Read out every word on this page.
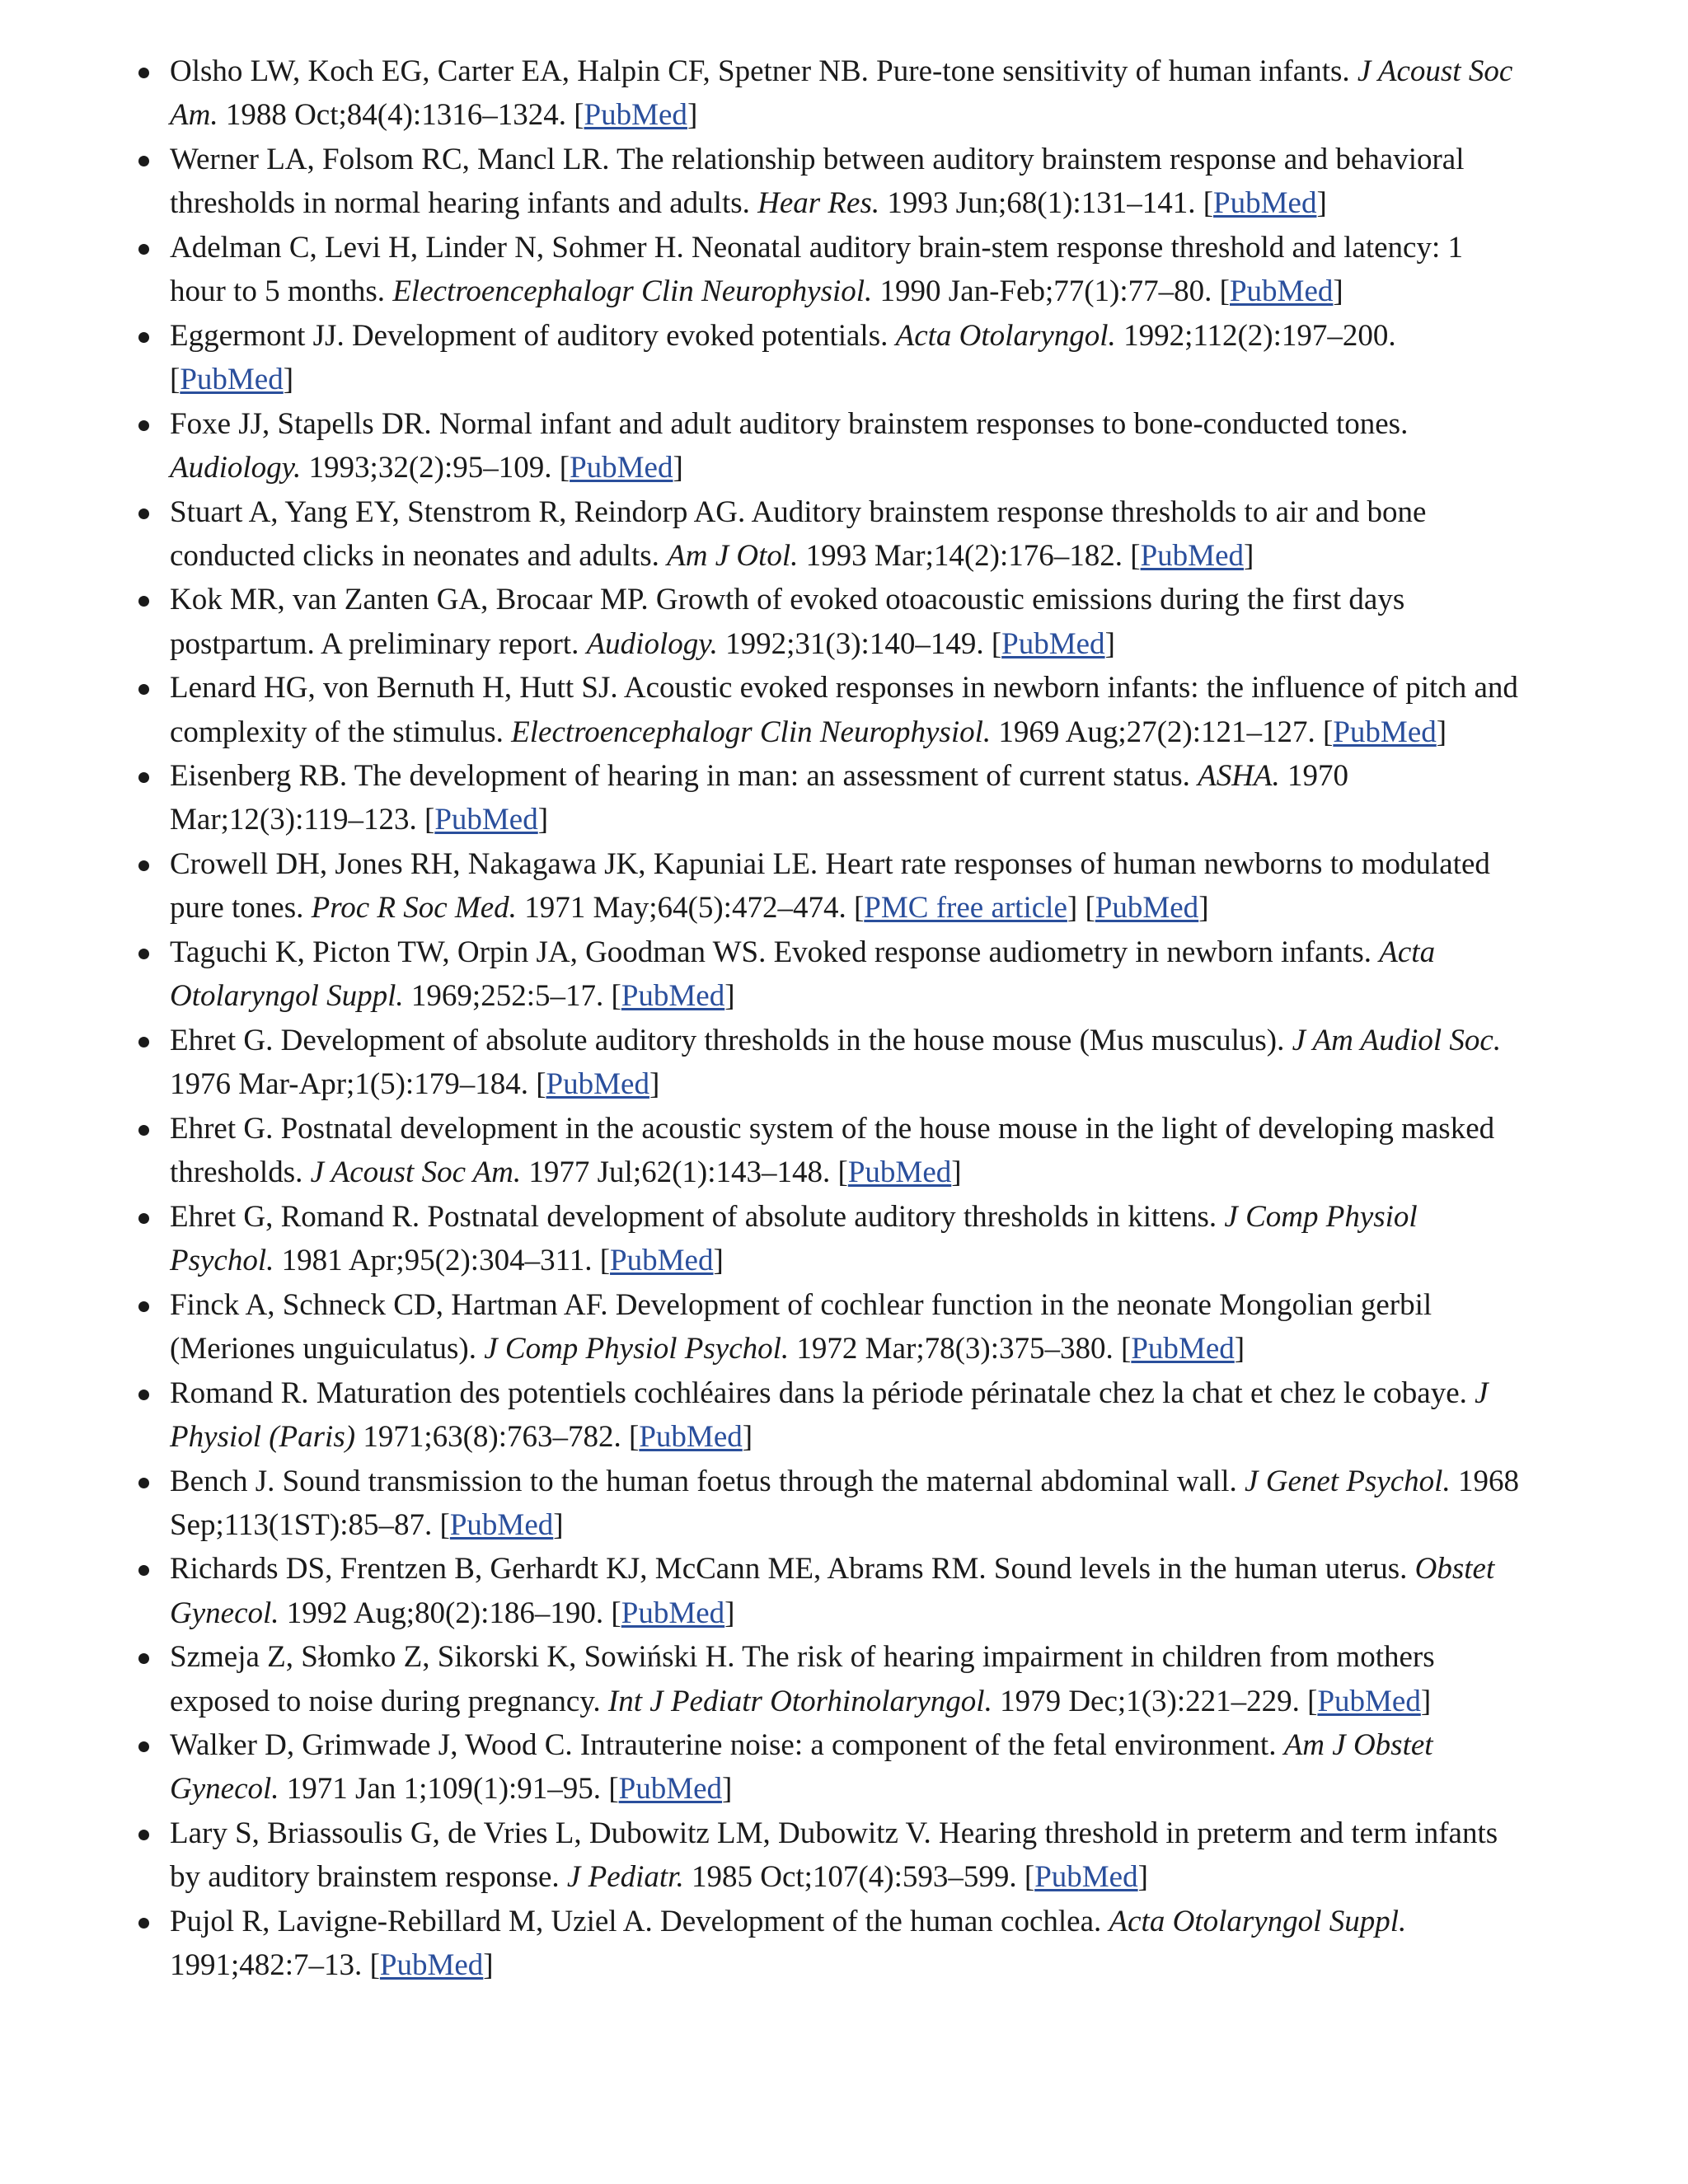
Olsho LW, Koch EG, Carter EA, Halpin CF, Spetner NB. Pure-tone sensitivity of human infants. J Acoust Soc Am. 1988 Oct;84(4):1316–1324. [PubMed]
Werner LA, Folsom RC, Mancl LR. The relationship between auditory brainstem response and behavioral thresholds in normal hearing infants and adults. Hear Res. 1993 Jun;68(1):131–141. [PubMed]
Adelman C, Levi H, Linder N, Sohmer H. Neonatal auditory brain-stem response threshold and latency: 1 hour to 5 months. Electroencephalogr Clin Neurophysiol. 1990 Jan-Feb;77(1):77–80. [PubMed]
Eggermont JJ. Development of auditory evoked potentials. Acta Otolaryngol. 1992;112(2):197–200. [PubMed]
Foxe JJ, Stapells DR. Normal infant and adult auditory brainstem responses to bone-conducted tones. Audiology. 1993;32(2):95–109. [PubMed]
Stuart A, Yang EY, Stenstrom R, Reindorp AG. Auditory brainstem response thresholds to air and bone conducted clicks in neonates and adults. Am J Otol. 1993 Mar;14(2):176–182. [PubMed]
Kok MR, van Zanten GA, Brocaar MP. Growth of evoked otoacoustic emissions during the first days postpartum. A preliminary report. Audiology. 1992;31(3):140–149. [PubMed]
Lenard HG, von Bernuth H, Hutt SJ. Acoustic evoked responses in newborn infants: the influence of pitch and complexity of the stimulus. Electroencephalogr Clin Neurophysiol. 1969 Aug;27(2):121–127. [PubMed]
Eisenberg RB. The development of hearing in man: an assessment of current status. ASHA. 1970 Mar;12(3):119–123. [PubMed]
Crowell DH, Jones RH, Nakagawa JK, Kapuniai LE. Heart rate responses of human newborns to modulated pure tones. Proc R Soc Med. 1971 May;64(5):472–474. [PMC free article] [PubMed]
Taguchi K, Picton TW, Orpin JA, Goodman WS. Evoked response audiometry in newborn infants. Acta Otolaryngol Suppl. 1969;252:5–17. [PubMed]
Ehret G. Development of absolute auditory thresholds in the house mouse (Mus musculus). J Am Audiol Soc. 1976 Mar-Apr;1(5):179–184. [PubMed]
Ehret G. Postnatal development in the acoustic system of the house mouse in the light of developing masked thresholds. J Acoust Soc Am. 1977 Jul;62(1):143–148. [PubMed]
Ehret G, Romand R. Postnatal development of absolute auditory thresholds in kittens. J Comp Physiol Psychol. 1981 Apr;95(2):304–311. [PubMed]
Finck A, Schneck CD, Hartman AF. Development of cochlear function in the neonate Mongolian gerbil (Meriones unguiculatus). J Comp Physiol Psychol. 1972 Mar;78(3):375–380. [PubMed]
Romand R. Maturation des potentiels cochléaires dans la période périnatale chez la chat et chez le cobaye. J Physiol (Paris) 1971;63(8):763–782. [PubMed]
Bench J. Sound transmission to the human foetus through the maternal abdominal wall. J Genet Psychol. 1968 Sep;113(1ST):85–87. [PubMed]
Richards DS, Frentzen B, Gerhardt KJ, McCann ME, Abrams RM. Sound levels in the human uterus. Obstet Gynecol. 1992 Aug;80(2):186–190. [PubMed]
Szmeja Z, Słomko Z, Sikorski K, Sowiński H. The risk of hearing impairment in children from mothers exposed to noise during pregnancy. Int J Pediatr Otorhinolaryngol. 1979 Dec;1(3):221–229. [PubMed]
Walker D, Grimwade J, Wood C. Intrauterine noise: a component of the fetal environment. Am J Obstet Gynecol. 1971 Jan 1;109(1):91–95. [PubMed]
Lary S, Briassoulis G, de Vries L, Dubowitz LM, Dubowitz V. Hearing threshold in preterm and term infants by auditory brainstem response. J Pediatr. 1985 Oct;107(4):593–599. [PubMed]
Pujol R, Lavigne-Rebillard M, Uziel A. Development of the human cochlea. Acta Otolaryngol Suppl. 1991;482:7–13. [PubMed]
